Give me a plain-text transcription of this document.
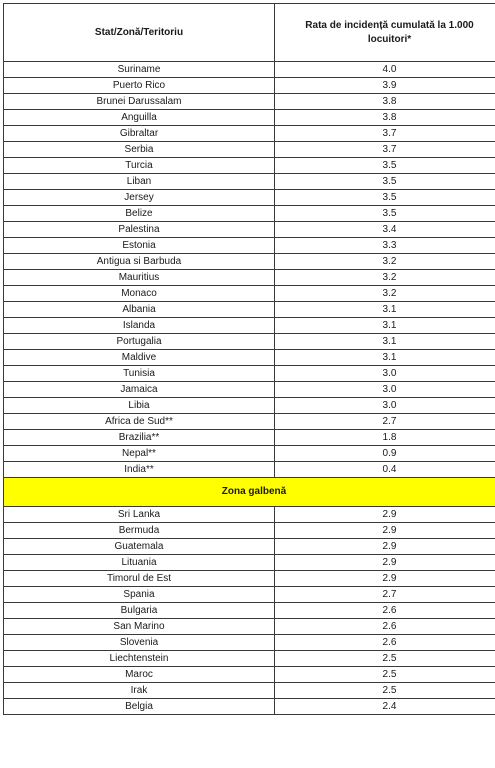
Stat/Zonă/Teritoriu	Rata de incidență cumulată la 1.000 locuitori*
Suriname	4.0
Puerto Rico	3.9
Brunei Darussalam	3.8
Anguilla	3.8
Gibraltar	3.7
Serbia	3.7
Turcia	3.5
Liban	3.5
Jersey	3.5
Belize	3.5
Palestina	3.4
Estonia	3.3
Antigua si Barbuda	3.2
Mauritius	3.2
Monaco	3.2
Albania	3.1
Islanda	3.1
Portugalia	3.1
Maldive	3.1
Tunisia	3.0
Jamaica	3.0
Libia	3.0
Africa de Sud**	2.7
Brazilia**	1.8
Nepal**	0.9
India**	0.4
Zona galbenă	
Sri Lanka	2.9
Bermuda	2.9
Guatemala	2.9
Lituania	2.9
Timorul de Est	2.9
Spania	2.7
Bulgaria	2.6
San Marino	2.6
Slovenia	2.6
Liechtenstein	2.5
Maroc	2.5
Irak	2.5
Belgia	2.4
